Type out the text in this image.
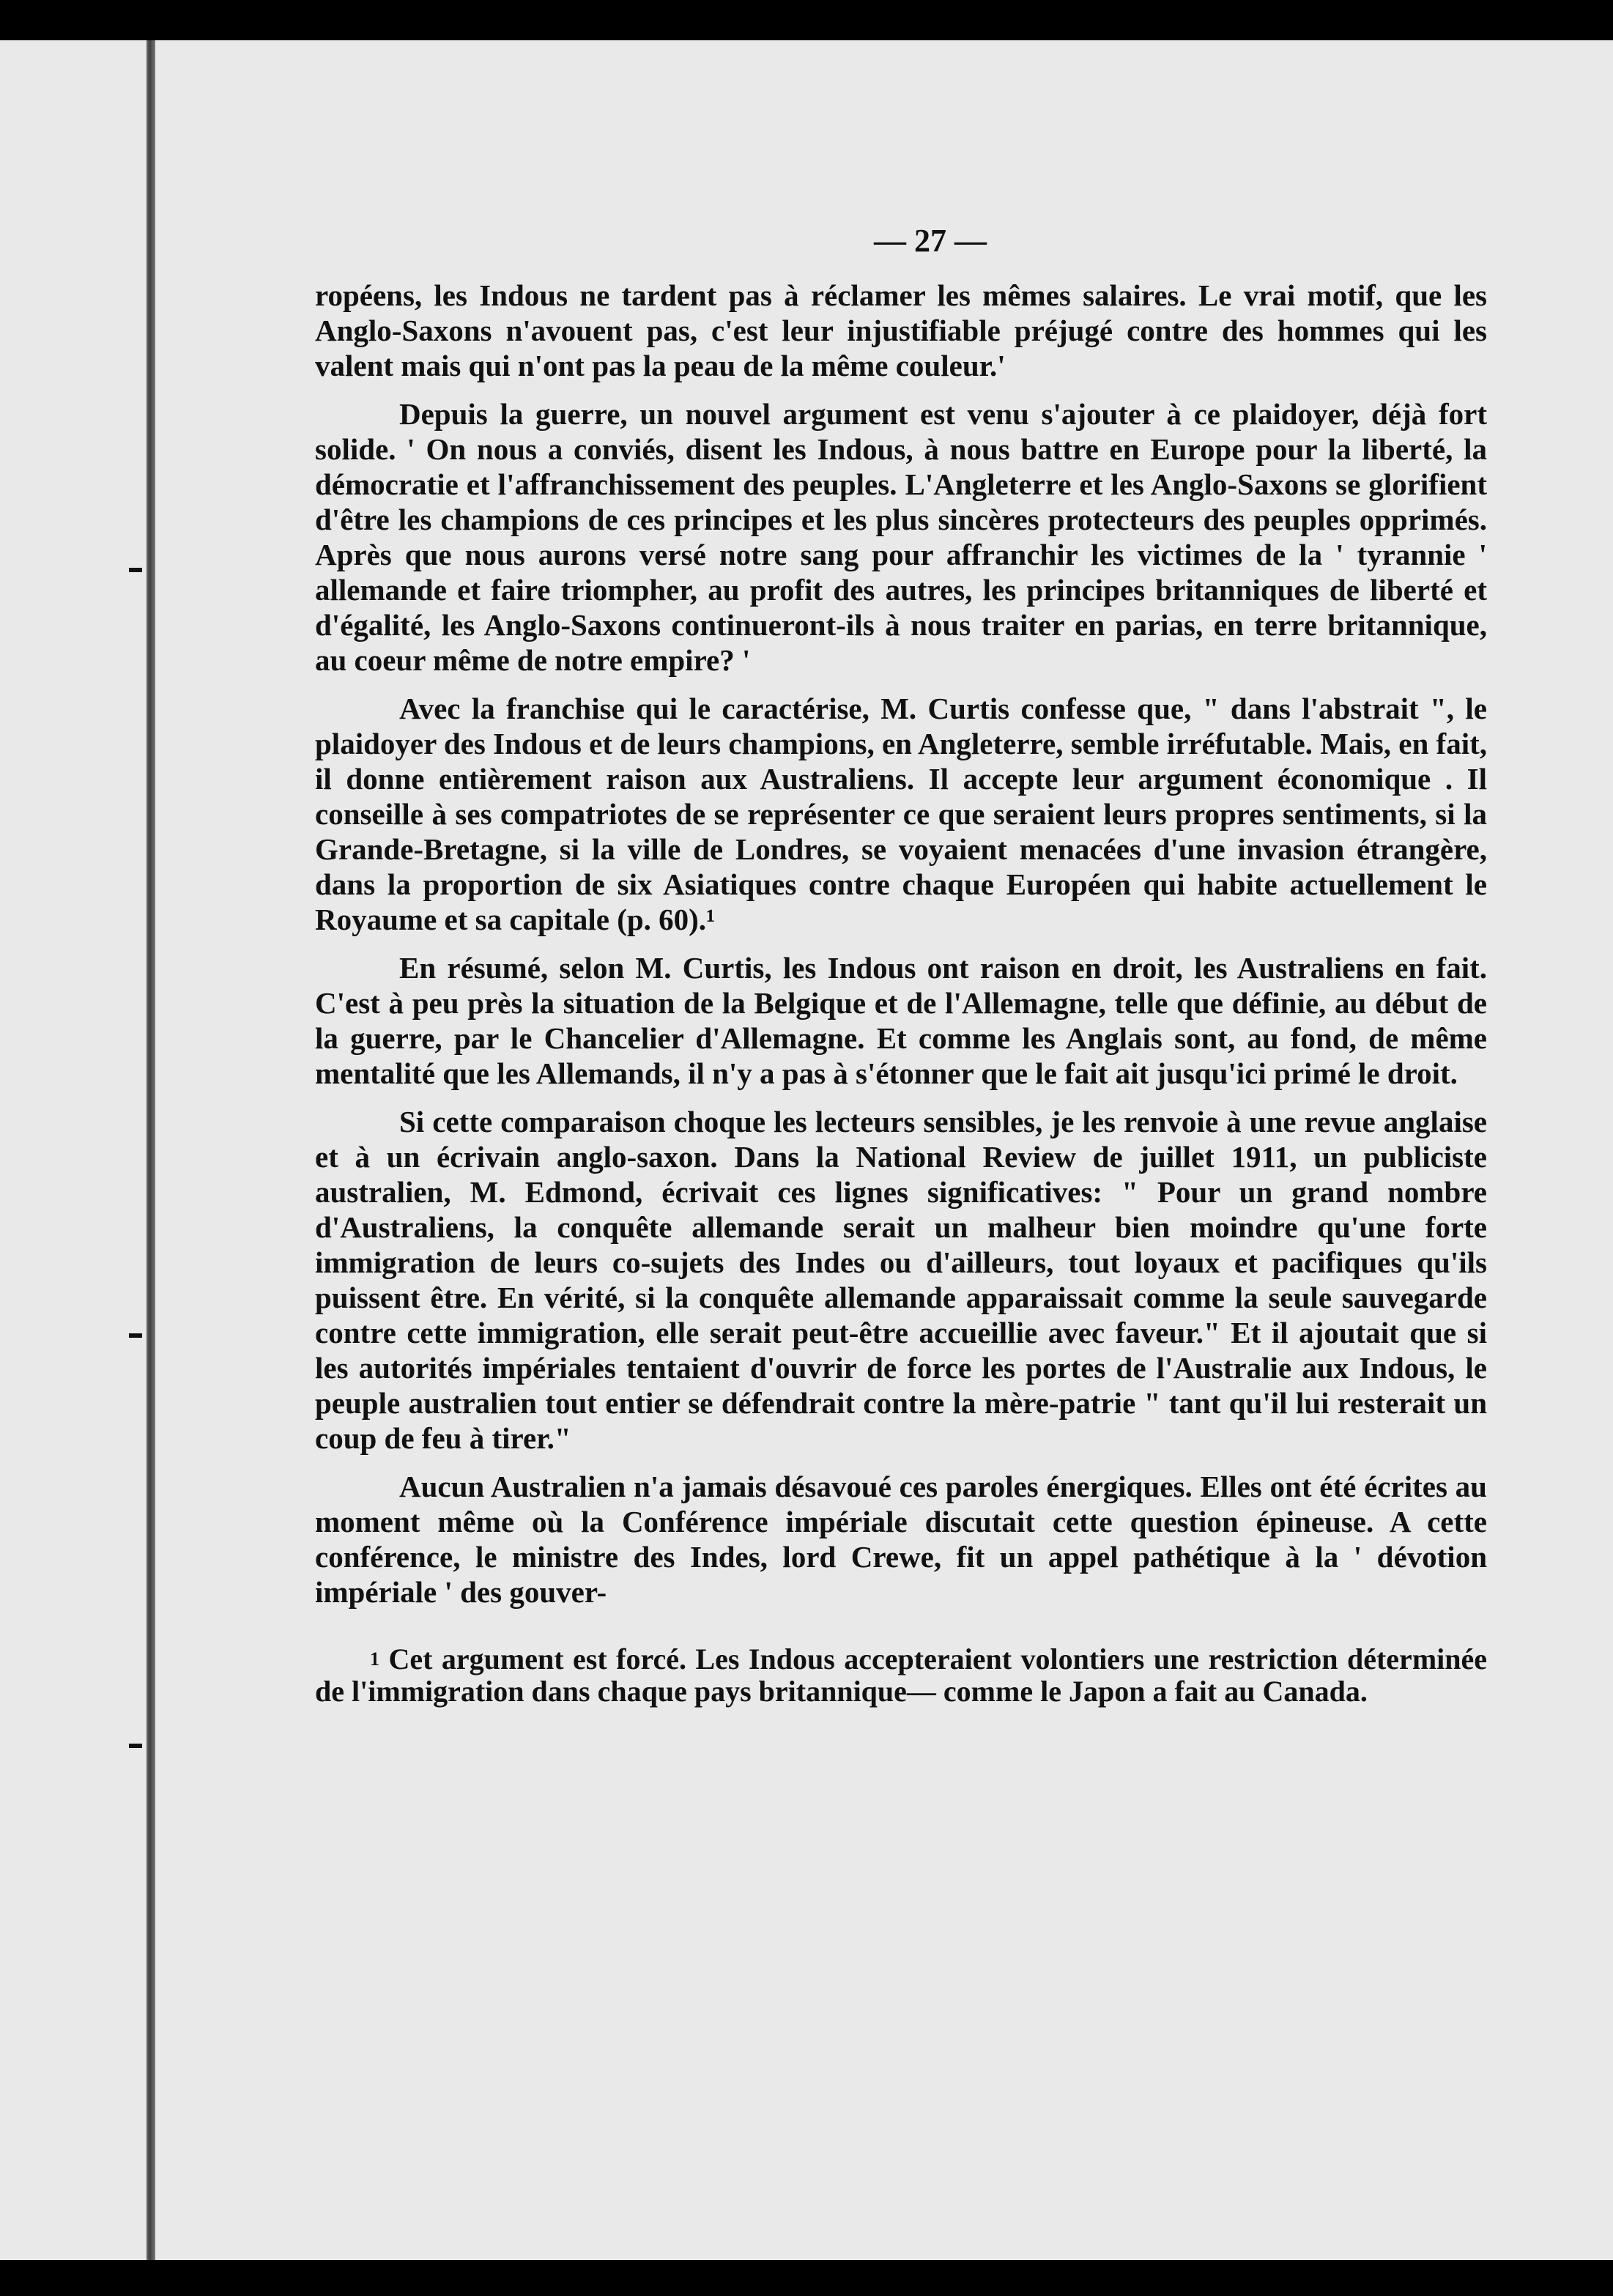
— 27 —

ropéens, les Indous ne tardent pas à réclamer les mêmes salaires. Le vrai motif, que les Anglo-Saxons n'avouent pas, c'est leur injustifiable préjugé contre des hommes qui les valent mais qui n'ont pas la peau de la même couleur.'

Depuis la guerre, un nouvel argument est venu s'ajouter à ce plaidoyer, déjà fort solide. ' On nous a conviés, disent les Indous, à nous battre en Europe pour la liberté, la démocratie et l'affranchissement des peuples. L'Angleterre et les Anglo-Saxons se glorifient d'être les champions de ces principes et les plus sincères protecteurs des peuples opprimés. Après que nous aurons versé notre sang pour affranchir les victimes de la ' tyrannie ' allemande et faire triompher, au profit des autres, les principes britanniques de liberté et d'égalité, les Anglo-Saxons continueront-ils à nous traiter en parias, en terre britannique, au coeur même de notre empire? '

Avec la franchise qui le caractérise, M. Curtis confesse que, " dans l'abstrait ", le plaidoyer des Indous et de leurs champions, en Angleterre, semble irréfutable. Mais, en fait, il donne entièrement raison aux Australiens. Il accepte leur argument économique . Il conseille à ses compatriotes de se représenter ce que seraient leurs propres sentiments, si la Grande-Bretagne, si la ville de Londres, se voyaient menacées d'une invasion étrangère, dans la proportion de six Asiatiques contre chaque Européen qui habite actuellement le Royaume et sa capitale (p. 60).¹

En résumé, selon M. Curtis, les Indous ont raison en droit, les Australiens en fait. C'est à peu près la situation de la Belgique et de l'Allemagne, telle que définie, au début de la guerre, par le Chancelier d'Allemagne. Et comme les Anglais sont, au fond, de même mentalité que les Allemands, il n'y a pas à s'étonner que le fait ait jusqu'ici primé le droit.

Si cette comparaison choque les lecteurs sensibles, je les renvoie à une revue anglaise et à un écrivain anglo-saxon. Dans la National Review de juillet 1911, un publiciste australien, M. Edmond, écrivait ces lignes significatives: " Pour un grand nombre d'Australiens, la conquête allemande serait un malheur bien moindre qu'une forte immigration de leurs co-sujets des Indes ou d'ailleurs, tout loyaux et pacifiques qu'ils puissent être. En vérité, si la conquête allemande apparaissait comme la seule sauvegarde contre cette immigration, elle serait peut-être accueillie avec faveur." Et il ajoutait que si les autorités impériales tentaient d'ouvrir de force les portes de l'Australie aux Indous, le peuple australien tout entier se défendrait contre la mère-patrie " tant qu'il lui resterait un coup de feu à tirer."

Aucun Australien n'a jamais désavoué ces paroles énergiques. Elles ont été écrites au moment même où la Conférence impériale discutait cette question épineuse. A cette conférence, le ministre des Indes, lord Crewe, fit un appel pathétique à la ' dévotion impériale ' des gouver-

$^1$ Cet argument est forcé. Les Indous accepteraient volontiers une restriction déterminée de l'immigration dans chaque pays britannique— comme le Japon a fait au Canada.
